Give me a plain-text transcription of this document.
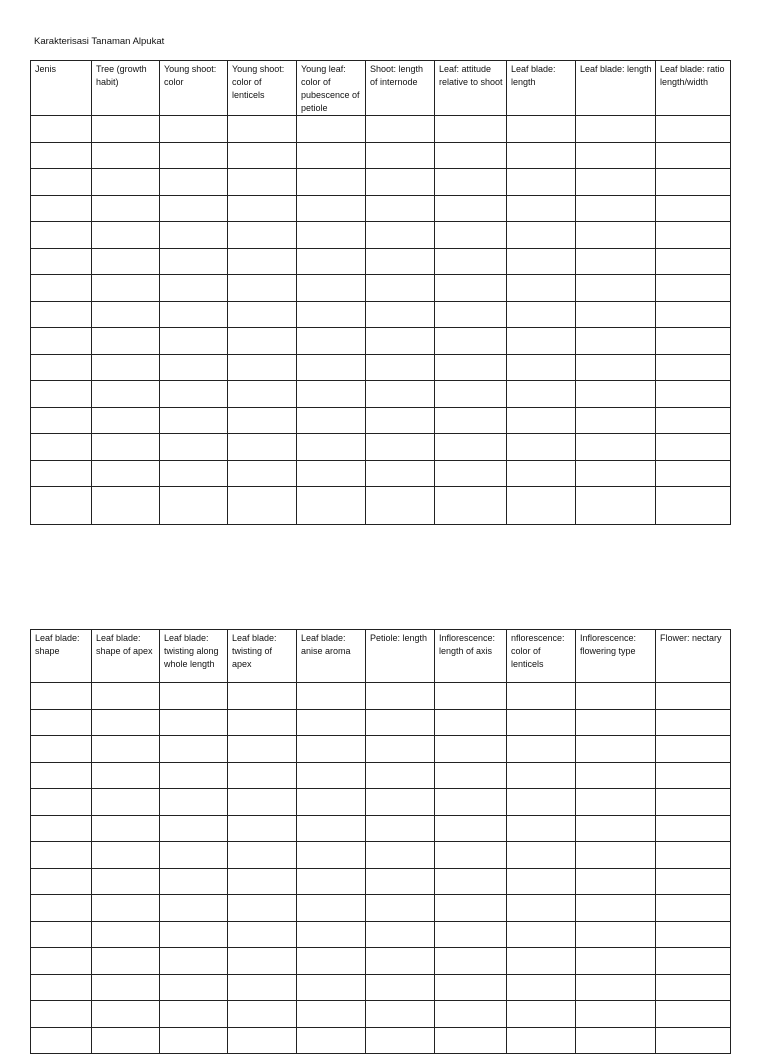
Karakterisasi Tanaman Alpukat
Jenis	Tree (growth habit)	Young shoot: color	Young shoot: color of lenticels	Young leaf: color of pubescence of petiole	Shoot: length of internode	Leaf: attitude relative to shoot	Leaf blade: length	Leaf blade: length	Leaf blade: ratio length/width

Leaf blade: shape	Leaf blade: shape of apex	Leaf blade: twisting along whole length	Leaf blade: twisting of apex	Leaf blade: anise aroma	Petiole: length	Inflorescence: length of axis	nflorescence: color of lenticels	Inflorescence: flowering type	Flower: nectary
